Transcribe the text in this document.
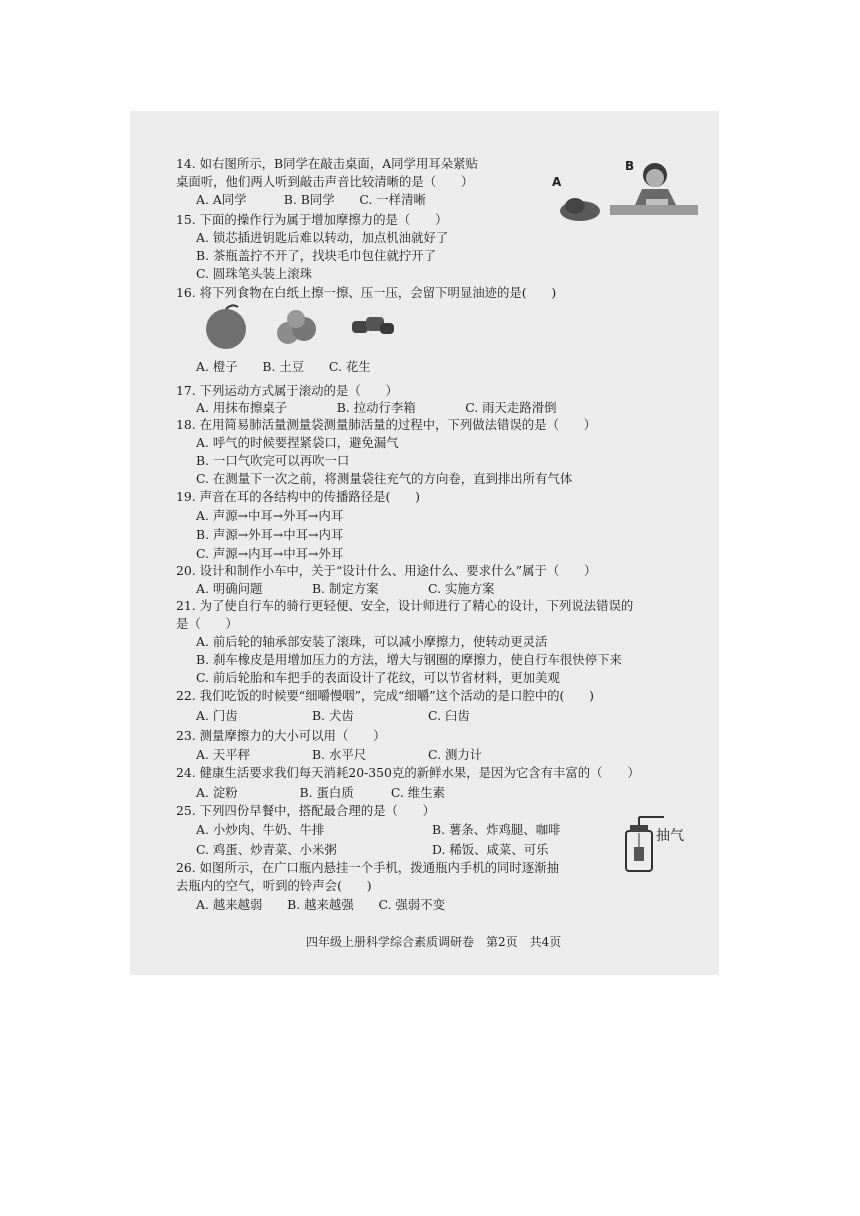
14. 如右图所示，B同学在敲击桌面，A同学用耳朵紧贴
桌面听，他们两人听到敲击声音比较清晰的是（　　）
A. A同学　　　B. B同学　　C. 一样清晰
A
B
15. 下面的操作行为属于增加摩擦力的是（　　）
A. 锁芯插进钥匙后难以转动，加点机油就好了
B. 茶瓶盖拧不开了，找块毛巾包住就拧开了
C. 圆珠笔头装上滚珠
16. 将下列食物在白纸上擦一擦、压一压，会留下明显油迹的是(　　)
A. 橙子　　B. 土豆　　C. 花生
17. 下列运动方式属于滚动的是（　　）
A. 用抹布擦桌子　　　　B. 拉动行李箱　　　　C. 雨天走路滑倒
18. 在用简易肺活量测量袋测量肺活量的过程中，下列做法错误的是（　　）
A. 呼气的时候要捏紧袋口，避免漏气
B. 一口气吹完可以再吹一口
C. 在测量下一次之前，将测量袋往充气的方向卷，直到排出所有气体
19. 声音在耳的各结构中的传播路径是(　　)
A. 声源→中耳→外耳→内耳
B. 声源→外耳→中耳→内耳
C. 声源→内耳→中耳→外耳
20. 设计和制作小车中，关于“设计什么、用途什么、要求什么”属于（　　）
A. 明确问题　　　　B. 制定方案　　　　C. 实施方案
21. 为了使自行车的骑行更轻便、安全，设计师进行了精心的设计，下列说法错误的
是（　　）
A. 前后轮的轴承部安装了滚珠，可以减小摩擦力，使转动更灵活
B. 刹车橡皮是用增加压力的方法，增大与钢圈的摩擦力，使自行车很快停下来
C. 前后轮胎和车把手的表面设计了花纹，可以节省材料，更加美观
22. 我们吃饭的时候要“细嚼慢咽”，完成“细嚼”这个活动的是口腔中的(　　)
A. 门齿　　　　　　B. 犬齿　　　　　　C. 臼齿
23. 测量摩擦力的大小可以用（　　）
A. 天平秤　　　　　B. 水平尺　　　　　C. 测力计
24. 健康生活要求我们每天消耗20-350克的新鲜水果，是因为它含有丰富的（　　）
A. 淀粉　　　　　B. 蛋白质　　　C. 维生素
25. 下列四份早餐中，搭配最合理的是（　　）
A. 小炒肉、牛奶、牛排	B. 薯条、炸鸡腿、咖啡
C. 鸡蛋、炒青菜、小米粥	D. 稀饭、咸菜、可乐
抽气
26. 如图所示，在广口瓶内悬挂一个手机，拨通瓶内手机的同时逐渐抽
去瓶内的空气，听到的铃声会(　　)
A. 越来越弱　　B. 越来越强　　C. 强弱不变
四年级上册科学综合素质调研卷　第2页　共4页
